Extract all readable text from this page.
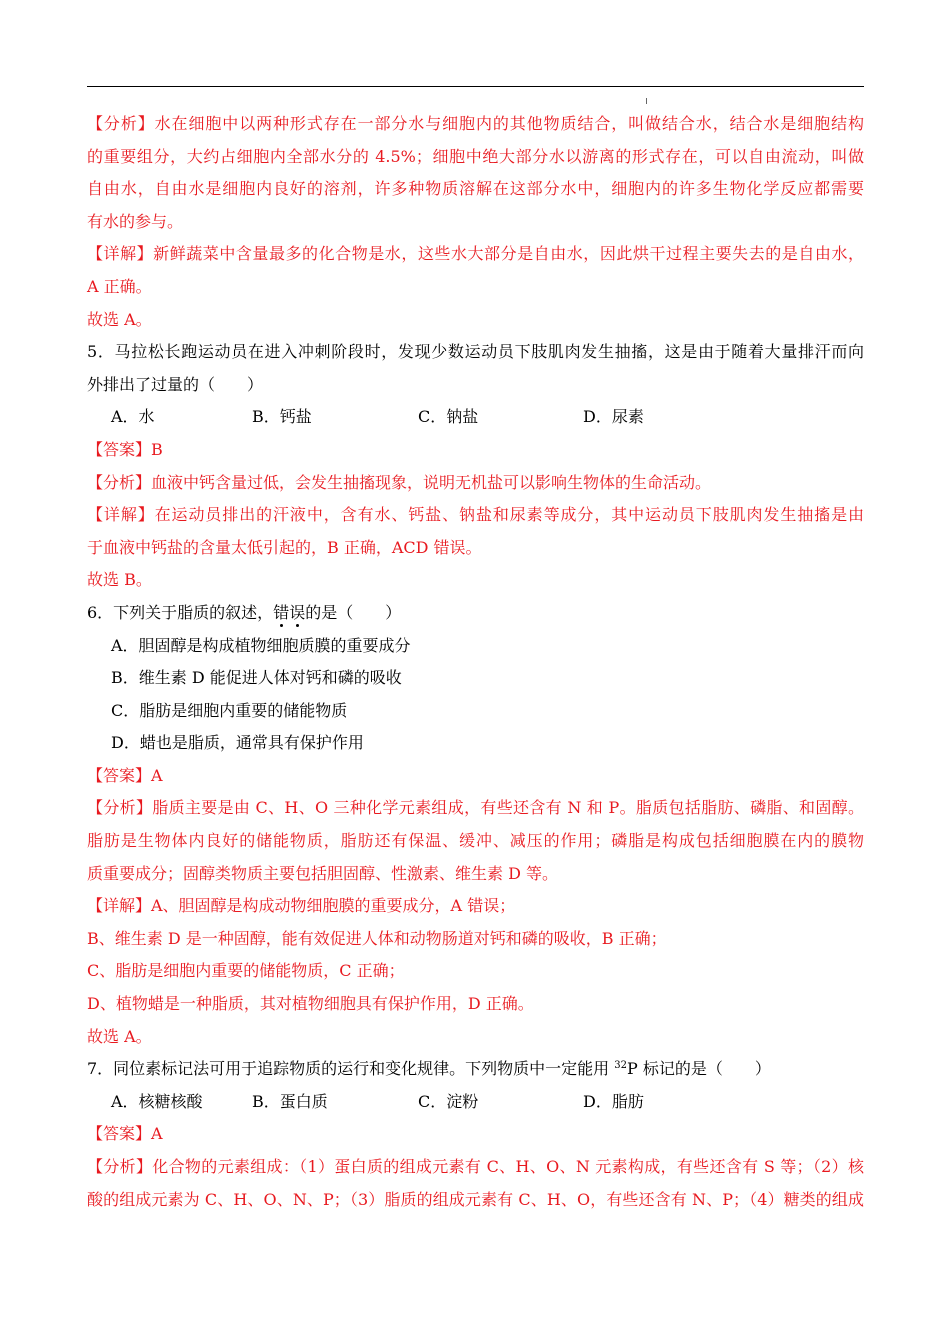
【分析】水在细胞中以两种形式存在一部分水与细胞内的其他物质结合，叫做结合水，结合水是细胞结构
的重要组分，大约占细胞内全部水分的 4.5%；细胞中绝大部分水以游离的形式存在，可以自由流动，叫做
自由水，自由水是细胞内良好的溶剂，许多种物质溶解在这部分水中，细胞内的许多生物化学反应都需要
有水的参与。
【详解】新鲜蔬菜中含量最多的化合物是水，这些水大部分是自由水，因此烘干过程主要失去的是自由水，
A 正确。
故选 A。
5．马拉松长跑运动员在进入冲刺阶段时，发现少数运动员下肢肌肉发生抽搐，这是由于随着大量排汗而向
外排出了过量的（　　）
A．水	B．钙盐	C．钠盐	D．尿素
【答案】B
【分析】血液中钙含量过低，会发生抽搐现象，说明无机盐可以影响生物体的生命活动。
【详解】在运动员排出的汗液中，含有水、钙盐、钠盐和尿素等成分，其中运动员下肢肌肉发生抽搐是由
于血液中钙盐的含量太低引起的，B 正确，ACD 错误。
故选 B。
6．下列关于脂质的叙述，错误的是（　　）
A．胆固醇是构成植物细胞质膜的重要成分
B．维生素 D 能促进人体对钙和磷的吸收
C．脂肪是细胞内重要的储能物质
D．蜡也是脂质，通常具有保护作用
【答案】A
【分析】脂质主要是由 C、H、O 三种化学元素组成，有些还含有 N 和 P。脂质包括脂肪、磷脂、和固醇。
脂肪是生物体内良好的储能物质，脂肪还有保温、缓冲、减压的作用；磷脂是构成包括细胞膜在内的膜物
质重要成分；固醇类物质主要包括胆固醇、性激素、维生素 D 等。
【详解】A、胆固醇是构成动物细胞膜的重要成分，A 错误；
B、维生素 D 是一种固醇，能有效促进人体和动物肠道对钙和磷的吸收，B 正确；
C、脂肪是细胞内重要的储能物质，C 正确；
D、植物蜡是一种脂质，其对植物细胞具有保护作用，D 正确。
故选 A。
7．同位素标记法可用于追踪物质的运行和变化规律。下列物质中一定能用 $^{32}$P 标记的是（　　）
A．核糖核酸	B．蛋白质	C．淀粉	D．脂肪
【答案】A
【分析】化合物的元素组成：（1）蛋白质的组成元素有 C、H、O、N 元素构成，有些还含有 S 等；（2）核
酸的组成元素为 C、H、O、N、P；（3）脂质的组成元素有 C、H、O，有些还含有 N、P；（4）糖类的组成
